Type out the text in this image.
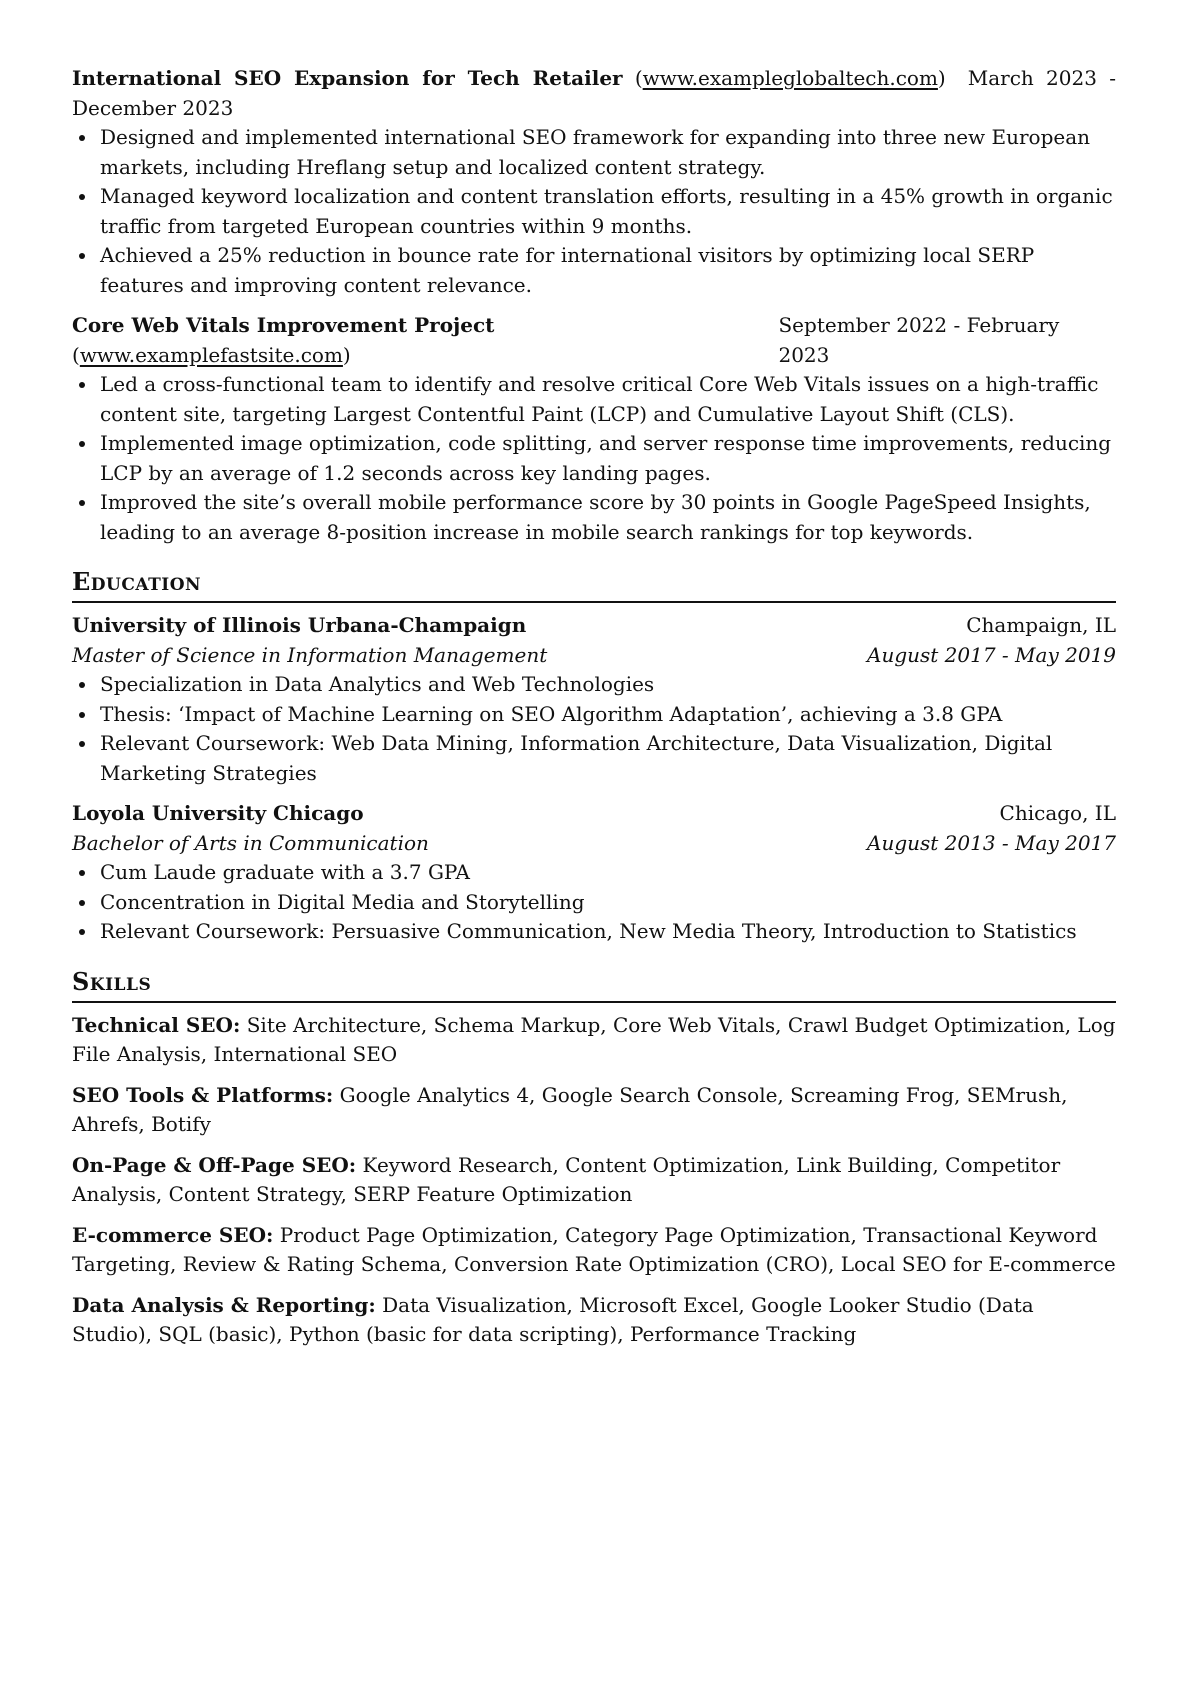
International SEO Expansion for Tech Retailer (www.exampleglobaltech.com) March 2023 - December 2023

Designed and implemented international SEO framework for expanding into three new European markets, including Hreflang setup and localized content strategy.
Managed keyword localization and content translation efforts, resulting in a 45% growth in organic traffic from targeted European countries within 9 months.
Achieved a 25% reduction in bounce rate for international visitors by optimizing local SERP features and improving content relevance.

Core Web Vitals Improvement Project (www.examplefastsite.com)
September 2022 - February 2023

Led a cross-functional team to identify and resolve critical Core Web Vitals issues on a high-traffic content site, targeting Largest Contentful Paint (LCP) and Cumulative Layout Shift (CLS).
Implemented image optimization, code splitting, and server response time improvements, reducing LCP by an average of 1.2 seconds across key landing pages.
Improved the site’s overall mobile performance score by 30 points in Google PageSpeed Insights, leading to an average 8-position increase in mobile search rankings for top keywords.
Education
University of Illinois Urbana-Champaign	Champaign, IL
Master of Science in Information Management	August 2017 - May 2019
Specialization in Data Analytics and Web Technologies
Thesis: ‘Impact of Machine Learning on SEO Algorithm Adaptation’, achieving a 3.8 GPA
Relevant Coursework: Web Data Mining, Information Architecture, Data Visualization, Digital Marketing Strategies
Loyola University Chicago	Chicago, IL
Bachelor of Arts in Communication	August 2013 - May 2017
Cum Laude graduate with a 3.7 GPA
Concentration in Digital Media and Storytelling
Relevant Coursework: Persuasive Communication, New Media Theory, Introduction to Statistics
Skills

Technical SEO: Site Architecture, Schema Markup, Core Web Vitals, Crawl Budget Optimization, Log File Analysis, International SEO

SEO Tools & Platforms: Google Analytics 4, Google Search Console, Screaming Frog, SEMrush, Ahrefs, Botify

On-Page & Off-Page SEO: Keyword Research, Content Optimization, Link Building, Competitor Analysis, Content Strategy, SERP Feature Optimization

E-commerce SEO: Product Page Optimization, Category Page Optimization, Transactional Keyword Targeting, Review & Rating Schema, Conversion Rate Optimization (CRO), Local SEO for E-commerce

Data Analysis & Reporting: Data Visualization, Microsoft Excel, Google Looker Studio (Data Studio), SQL (basic), Python (basic for data scripting), Performance Tracking
